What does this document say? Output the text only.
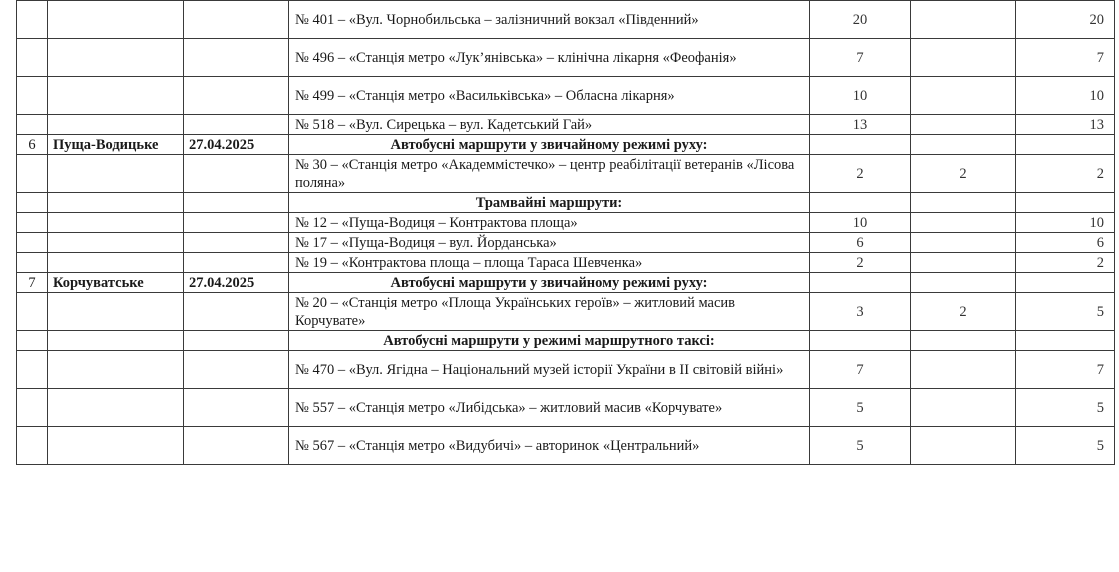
			№ 401 – «Вул. Чорнобильська – залізничний вокзал «Південний»	20		20
			№ 496 – «Станція метро «Лук’янівська» – клінічна лікарня «Феофанія»	7		7
			№ 499 – «Станція метро «Васильківська» – Обласна лікарня»	10		10
			№ 518 – «Вул. Сирецька – вул. Кадетський Гай»	13		13
6	Пуща-Водицьке	27.04.2025	Автобусні маршрути у звичайному режимі руху:			
			№ 30 – «Станція метро «Академмістечко» – центр реабілітації ветеранів «Лісова поляна»	2	2	2
			Трамвайні маршрути:			
			№ 12 – «Пуща-Водиця – Контрактова площа»	10		10
			№ 17 – «Пуща-Водиця – вул. Йорданська»	6		6
			№ 19 – «Контрактова площа – площа Тараса Шевченка»	2		2
7	Корчуватське	27.04.2025	Автобусні маршрути у звичайному режимі руху:			
			№ 20 – «Станція метро «Площа Українських героїв» – житловий масив Корчувате»	3	2	5
			Автобусні маршрути у режимі маршрутного таксі:			
			№ 470 – «Вул. Ягідна – Національний музей історії України в ІІ світовій війні»	7		7
			№ 557 – «Станція метро «Либідська» – житловий масив «Корчувате»	5		5
			№ 567 – «Станція метро «Видубичі» – авторинок «Центральний»	5		5
